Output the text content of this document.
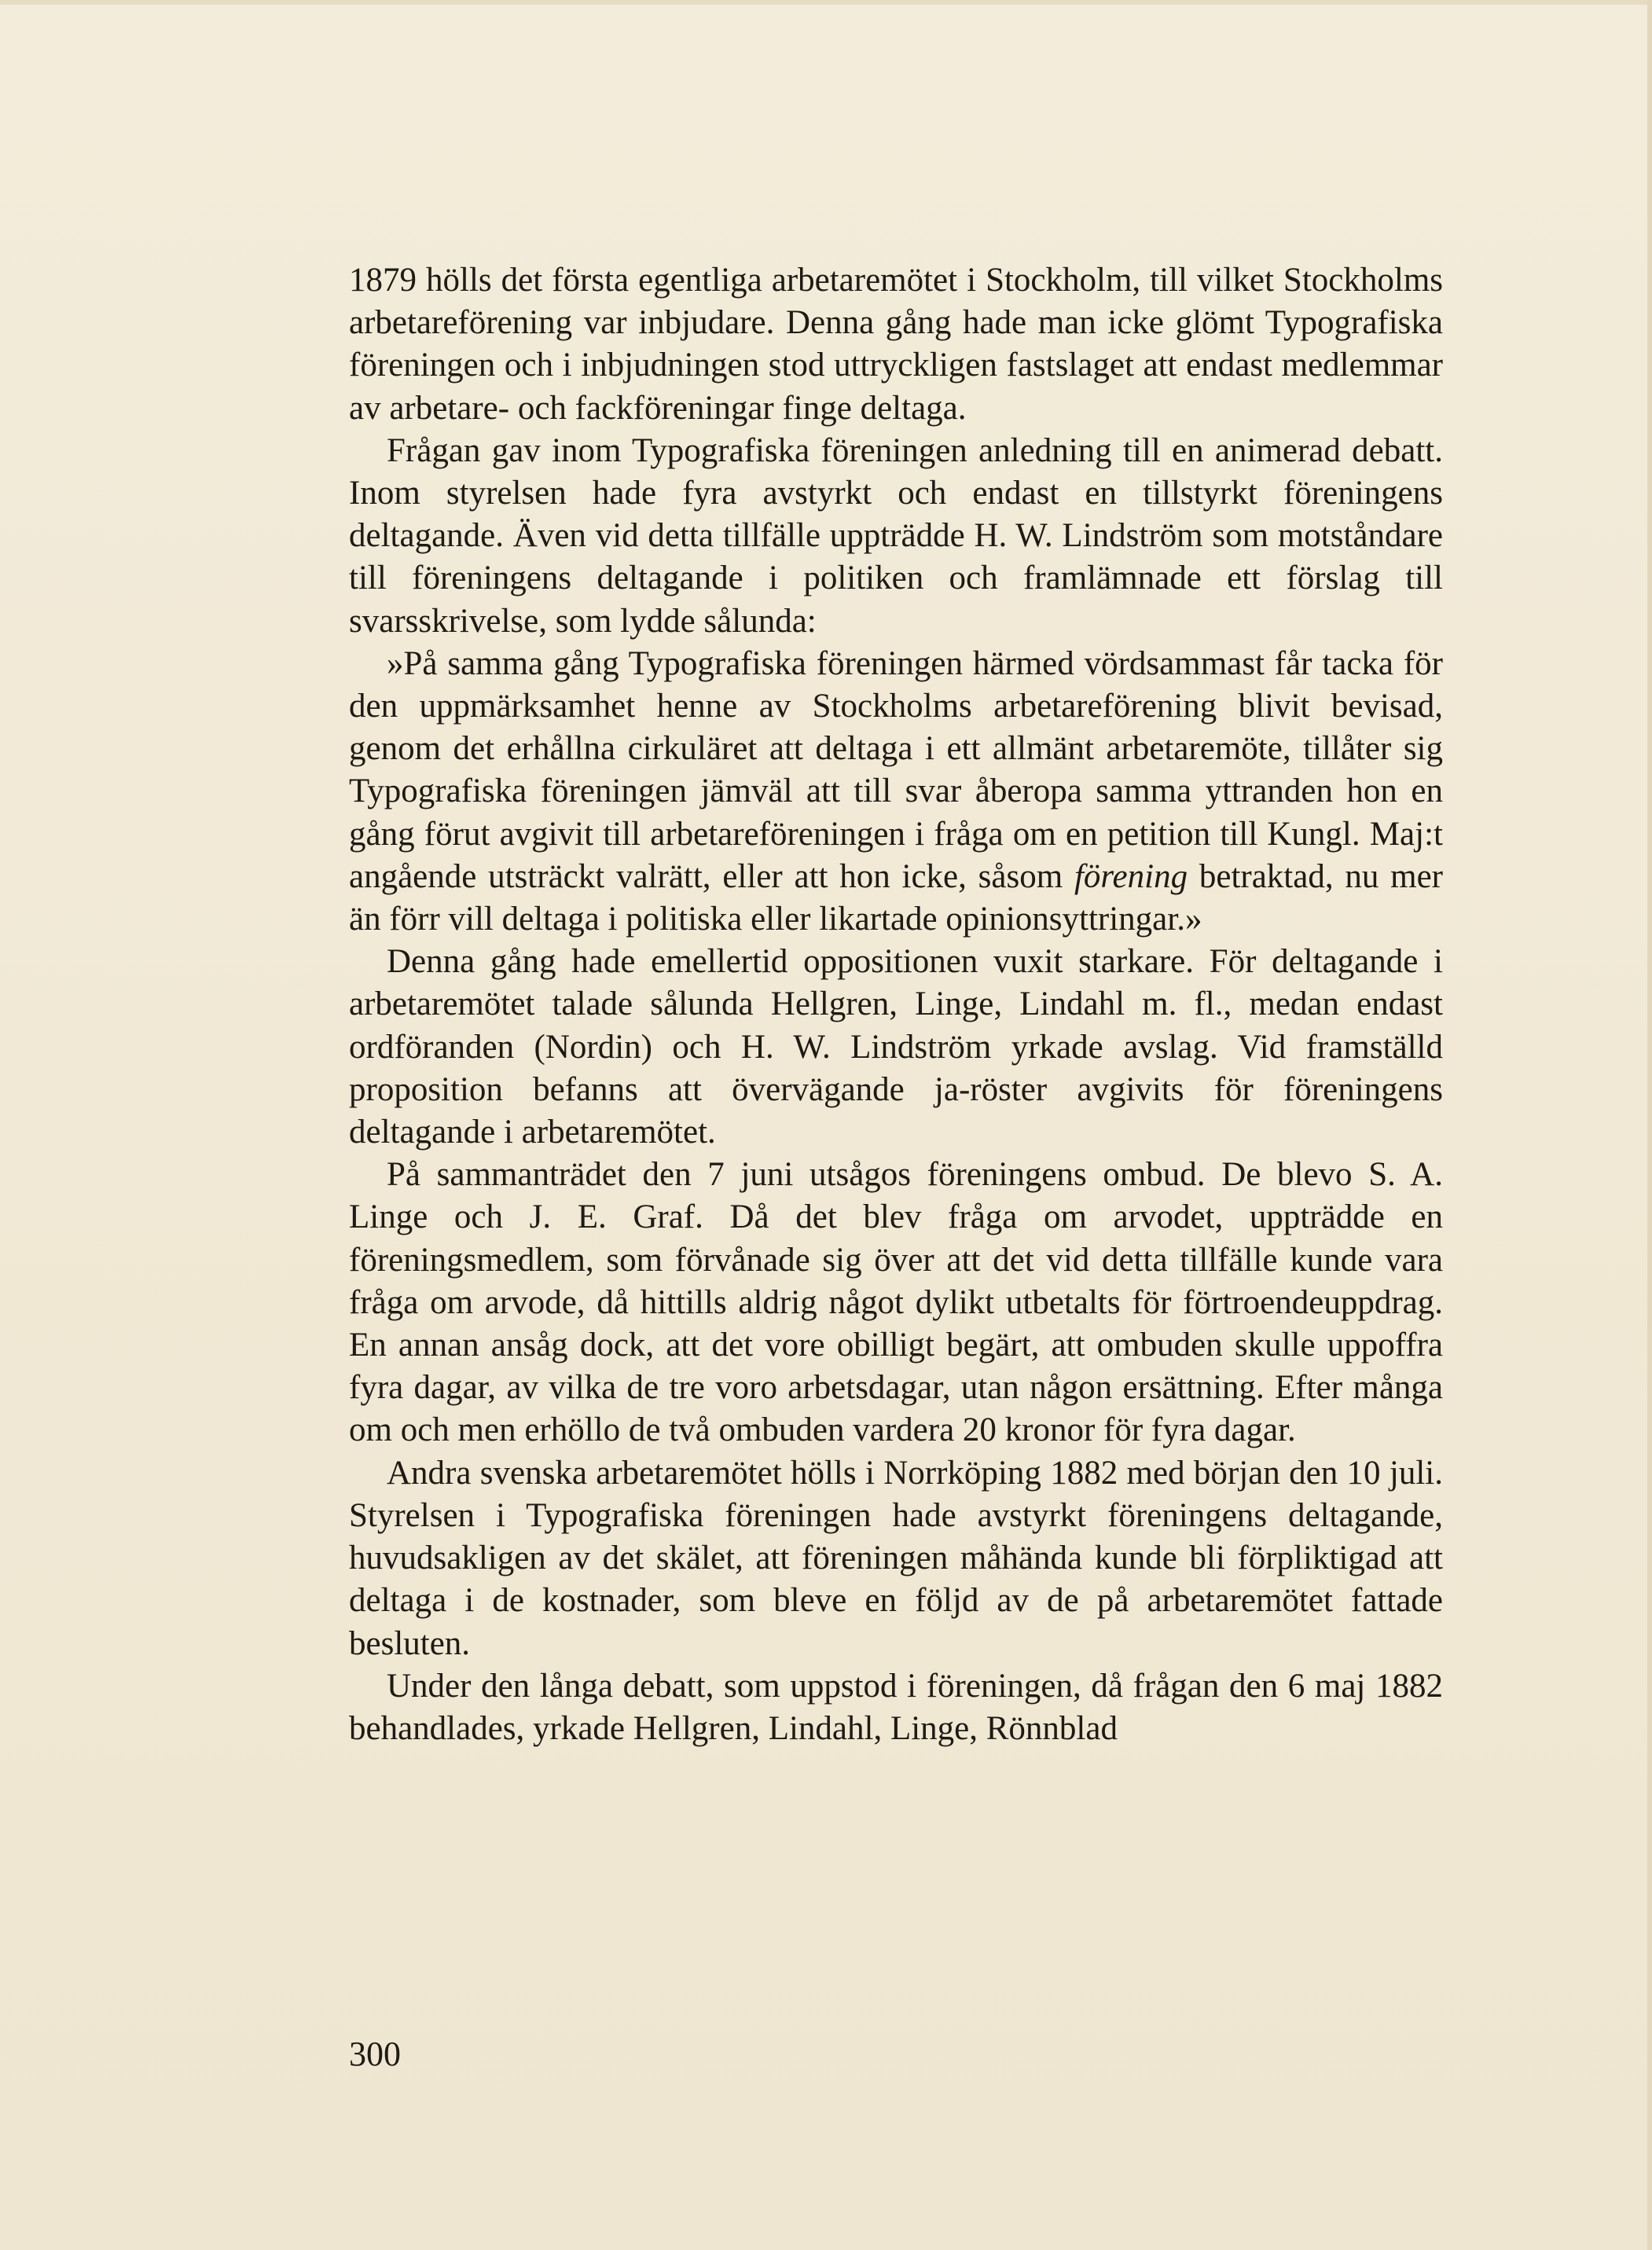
1879 hölls det första egentliga arbetaremötet i Stockholm, till vilket Stockholms arbetareförening var inbjudare. Denna gång hade man icke glömt Typografiska föreningen och i inbjudningen stod uttryckligen fastslaget att endast medlemmar av arbetare- och fackföreningar finge deltaga.

Frågan gav inom Typografiska föreningen anledning till en animerad debatt. Inom styrelsen hade fyra avstyrkt och endast en tillstyrkt föreningens deltagande. Även vid detta tillfälle uppträdde H. W. Lindström som motståndare till föreningens deltagande i politiken och framlämnade ett förslag till svarsskrivelse, som lydde sålunda:

»På samma gång Typografiska föreningen härmed vördsammast får tacka för den uppmärksamhet henne av Stockholms arbetareförening blivit bevisad, genom det erhållna cirkuläret att deltaga i ett allmänt arbetaremöte, tillåter sig Typografiska föreningen jämväl att till svar åberopa samma yttranden hon en gång förut avgivit till arbetareföreningen i fråga om en petition till Kungl. Maj:t angående utsträckt valrätt, eller att hon icke, såsom förening betraktad, nu mer än förr vill deltaga i politiska eller likartade opinionsyttringar.»

Denna gång hade emellertid oppositionen vuxit starkare. För deltagande i arbetaremötet talade sålunda Hellgren, Linge, Lindahl m. fl., medan endast ordföranden (Nordin) och H. W. Lindström yrkade avslag. Vid framställd proposition befanns att övervägande ja-röster avgivits för föreningens deltagande i arbetaremötet.

På sammanträdet den 7 juni utsågos föreningens ombud. De blevo S. A. Linge och J. E. Graf. Då det blev fråga om arvodet, uppträdde en föreningsmedlem, som förvånade sig över att det vid detta tillfälle kunde vara fråga om arvode, då hittills aldrig något dylikt utbetalts för förtroendeuppdrag. En annan ansåg dock, att det vore obilligt begärt, att ombuden skulle uppoffra fyra dagar, av vilka de tre voro arbetsdagar, utan någon ersättning. Efter många om och men erhöllo de två ombuden vardera 20 kronor för fyra dagar.

Andra svenska arbetaremötet hölls i Norrköping 1882 med början den 10 juli. Styrelsen i Typografiska föreningen hade avstyrkt föreningens deltagande, huvudsakligen av det skälet, att föreningen måhända kunde bli förpliktigad att deltaga i de kostnader, som bleve en följd av de på arbetaremötet fattade besluten.

Under den långa debatt, som uppstod i föreningen, då frågan den 6 maj 1882 behandlades, yrkade Hellgren, Lindahl, Linge, Rönnblad

300
